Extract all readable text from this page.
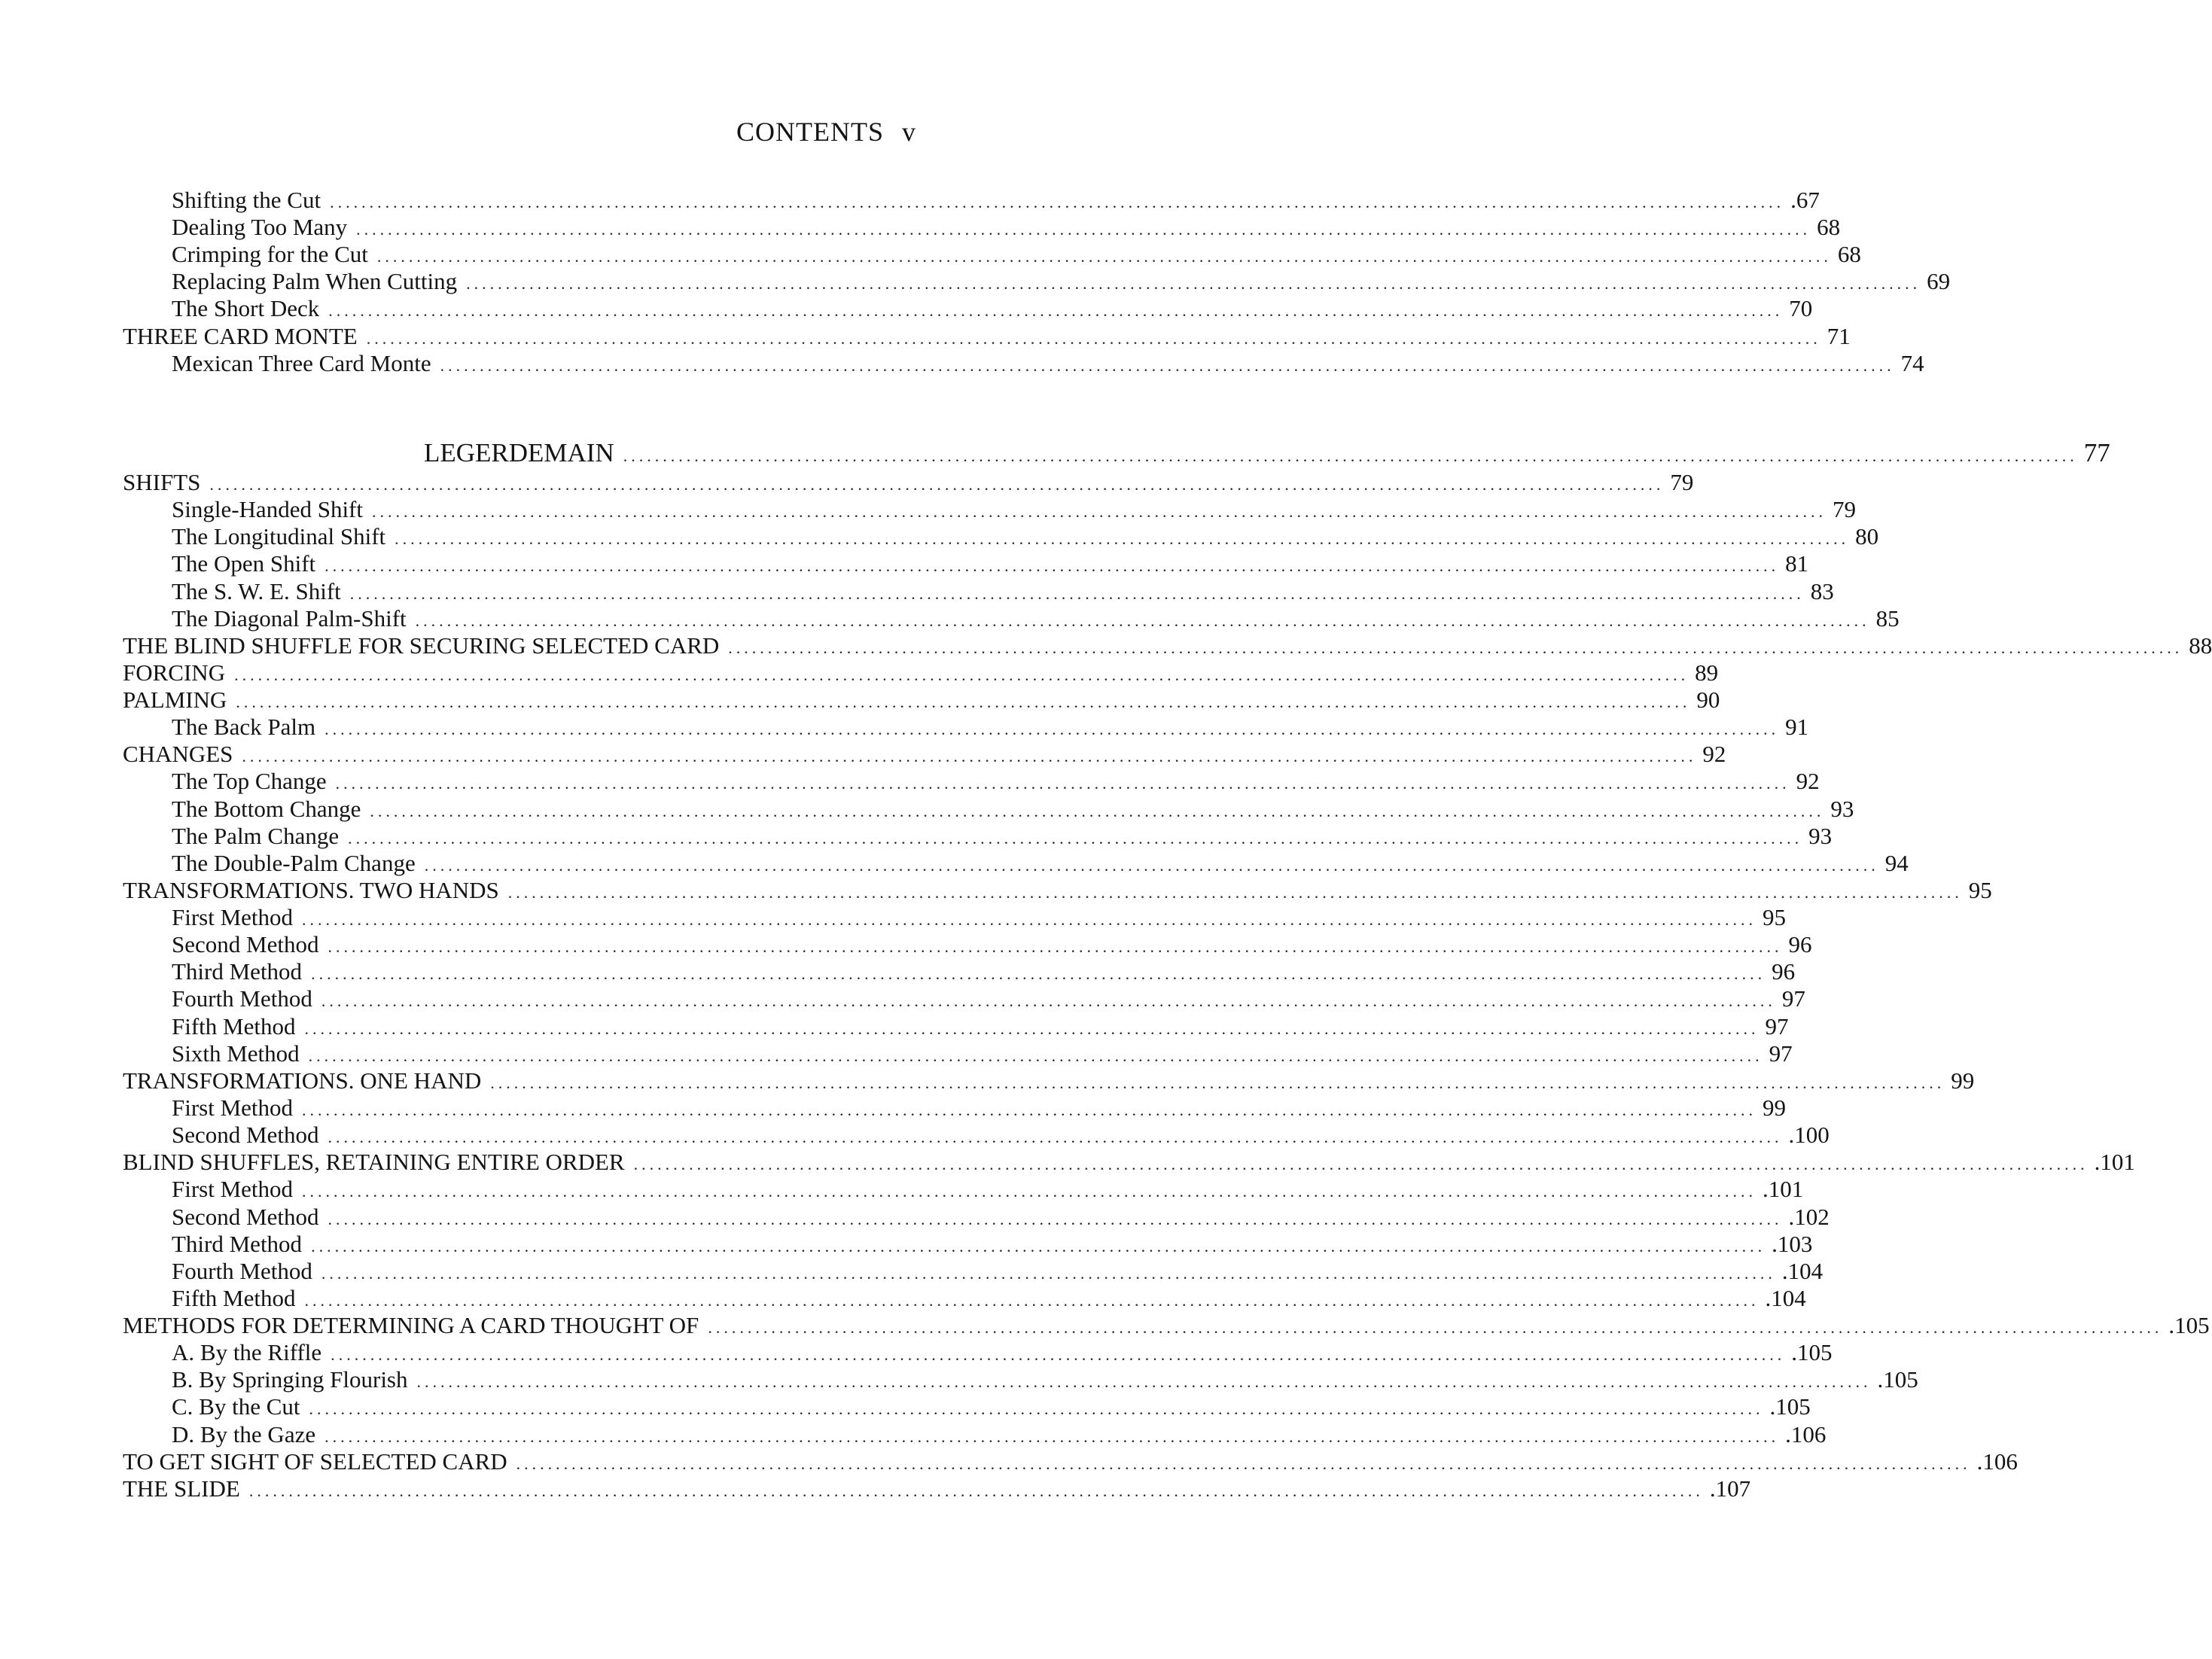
CONTENTS v
Shifting the Cut ........................................................................................................................................................................................ .67
Dealing Too Many ........................................................................................................................................................................................ 68
Crimping for the Cut ........................................................................................................................................................................................ 68
Replacing Palm When Cutting ........................................................................................................................................................................................ 69
The Short Deck ........................................................................................................................................................................................ 70
THREE CARD MONTE ........................................................................................................................................................................................ 71
Mexican Three Card Monte ........................................................................................................................................................................................ 74
LEGERDEMAIN ........................................................................................................................................................................................ 77
SHIFTS ........................................................................................................................................................................................ 79
Single-Handed Shift ........................................................................................................................................................................................ 79
The Longitudinal Shift ........................................................................................................................................................................................ 80
The Open Shift ........................................................................................................................................................................................ 81
The S. W. E. Shift ........................................................................................................................................................................................ 83
The Diagonal Palm-Shift ........................................................................................................................................................................................ 85
THE BLIND SHUFFLE FOR SECURING SELECTED CARD ........................................................................................................................................................................................ 88
FORCING ........................................................................................................................................................................................ 89
PALMING ........................................................................................................................................................................................ 90
The Back Palm ........................................................................................................................................................................................ 91
CHANGES ........................................................................................................................................................................................ 92
The Top Change ........................................................................................................................................................................................ 92
The Bottom Change ........................................................................................................................................................................................ 93
The Palm Change ........................................................................................................................................................................................ 93
The Double-Palm Change ........................................................................................................................................................................................ 94
TRANSFORMATIONS. TWO HANDS ........................................................................................................................................................................................ 95
First Method ........................................................................................................................................................................................ 95
Second Method ........................................................................................................................................................................................ 96
Third Method ........................................................................................................................................................................................ 96
Fourth Method ........................................................................................................................................................................................ 97
Fifth Method ........................................................................................................................................................................................ 97
Sixth Method ........................................................................................................................................................................................ 97
TRANSFORMATIONS. ONE HAND ........................................................................................................................................................................................ 99
First Method ........................................................................................................................................................................................ 99
Second Method ........................................................................................................................................................................................ .100
BLIND SHUFFLES, RETAINING ENTIRE ORDER ........................................................................................................................................................................................ .101
First Method ........................................................................................................................................................................................ .101
Second Method ........................................................................................................................................................................................ .102
Third Method ........................................................................................................................................................................................ .103
Fourth Method ........................................................................................................................................................................................ .104
Fifth Method ........................................................................................................................................................................................ .104
METHODS FOR DETERMINING A CARD THOUGHT OF ........................................................................................................................................................................................ .105
A. By the Riffle ........................................................................................................................................................................................ .105
B. By Springing Flourish ........................................................................................................................................................................................ .105
C. By the Cut ........................................................................................................................................................................................ .105
D. By the Gaze ........................................................................................................................................................................................ .106
TO GET SIGHT OF SELECTED CARD ........................................................................................................................................................................................ .106
THE SLIDE ........................................................................................................................................................................................ .107
